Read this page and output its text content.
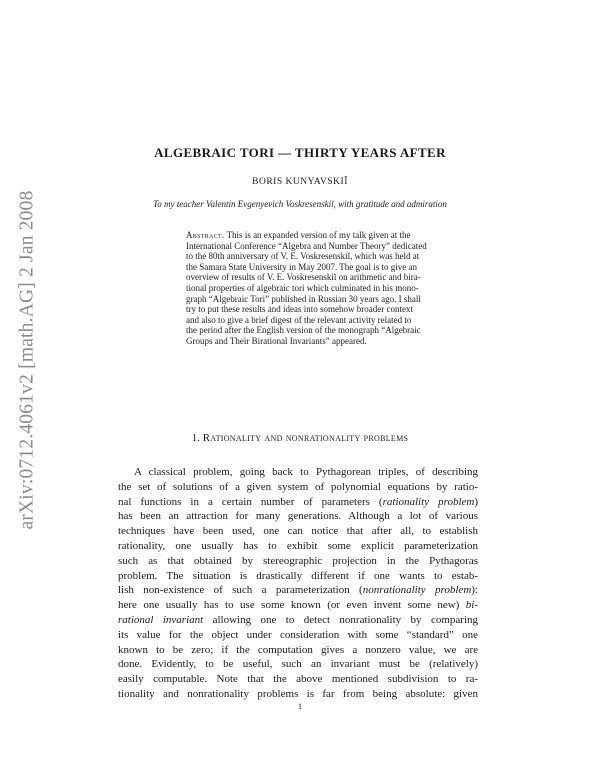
arXiv:0712.4061v2 [math.AG] 2 Jan 2008
ALGEBRAIC TORI — THIRTY YEARS AFTER
BORIS KUNYAVSKIĬ
To my teacher Valentin Evgenyevich Voskresenskiĭ, with gratitude and admiration
Abstract. This is an expanded version of my talk given at the
International Conference “Algebra and Number Theory” dedicated
to the 80th anniversary of V. E. Voskresenskiĭ, which was held at
the Samara State University in May 2007. The goal is to give an
overview of results of V. E. Voskresenskiĭ on arithmetic and bira-
tional properties of algebraic tori which culminated in his mono-
graph “Algebraic Tori” published in Russian 30 years ago. I shall
try to put these results and ideas into somehow broader context
and also to give a brief digest of the relevant activity related to
the period after the English version of the monograph “Algebraic
Groups and Their Birational Invariants” appeared.
1. Rationality and nonrationality problems
A classical problem, going back to Pythagorean triples, of describing
the set of solutions of a given system of polynomial equations by ratio-
nal functions in a certain number of parameters (rationality problem)
has been an attraction for many generations. Although a lot of various
techniques have been used, one can notice that after all, to establish
rationality, one usually has to exhibit some explicit parameterization
such as that obtained by stereographic projection in the Pythagoras
problem. The situation is drastically different if one wants to estab-
lish non-existence of such a parameterization (nonrationality problem):
here one usually has to use some known (or even invent some new) bi-
rational invariant allowing one to detect nonrationality by comparing
its value for the object under consideration with some “standard” one
known to be zero; if the computation gives a nonzero value, we are
done. Evidently, to be useful, such an invariant must be (relatively)
easily computable. Note that the above mentioned subdivision to ra-
tionality and nonrationality problems is far from being absolute: given
1
